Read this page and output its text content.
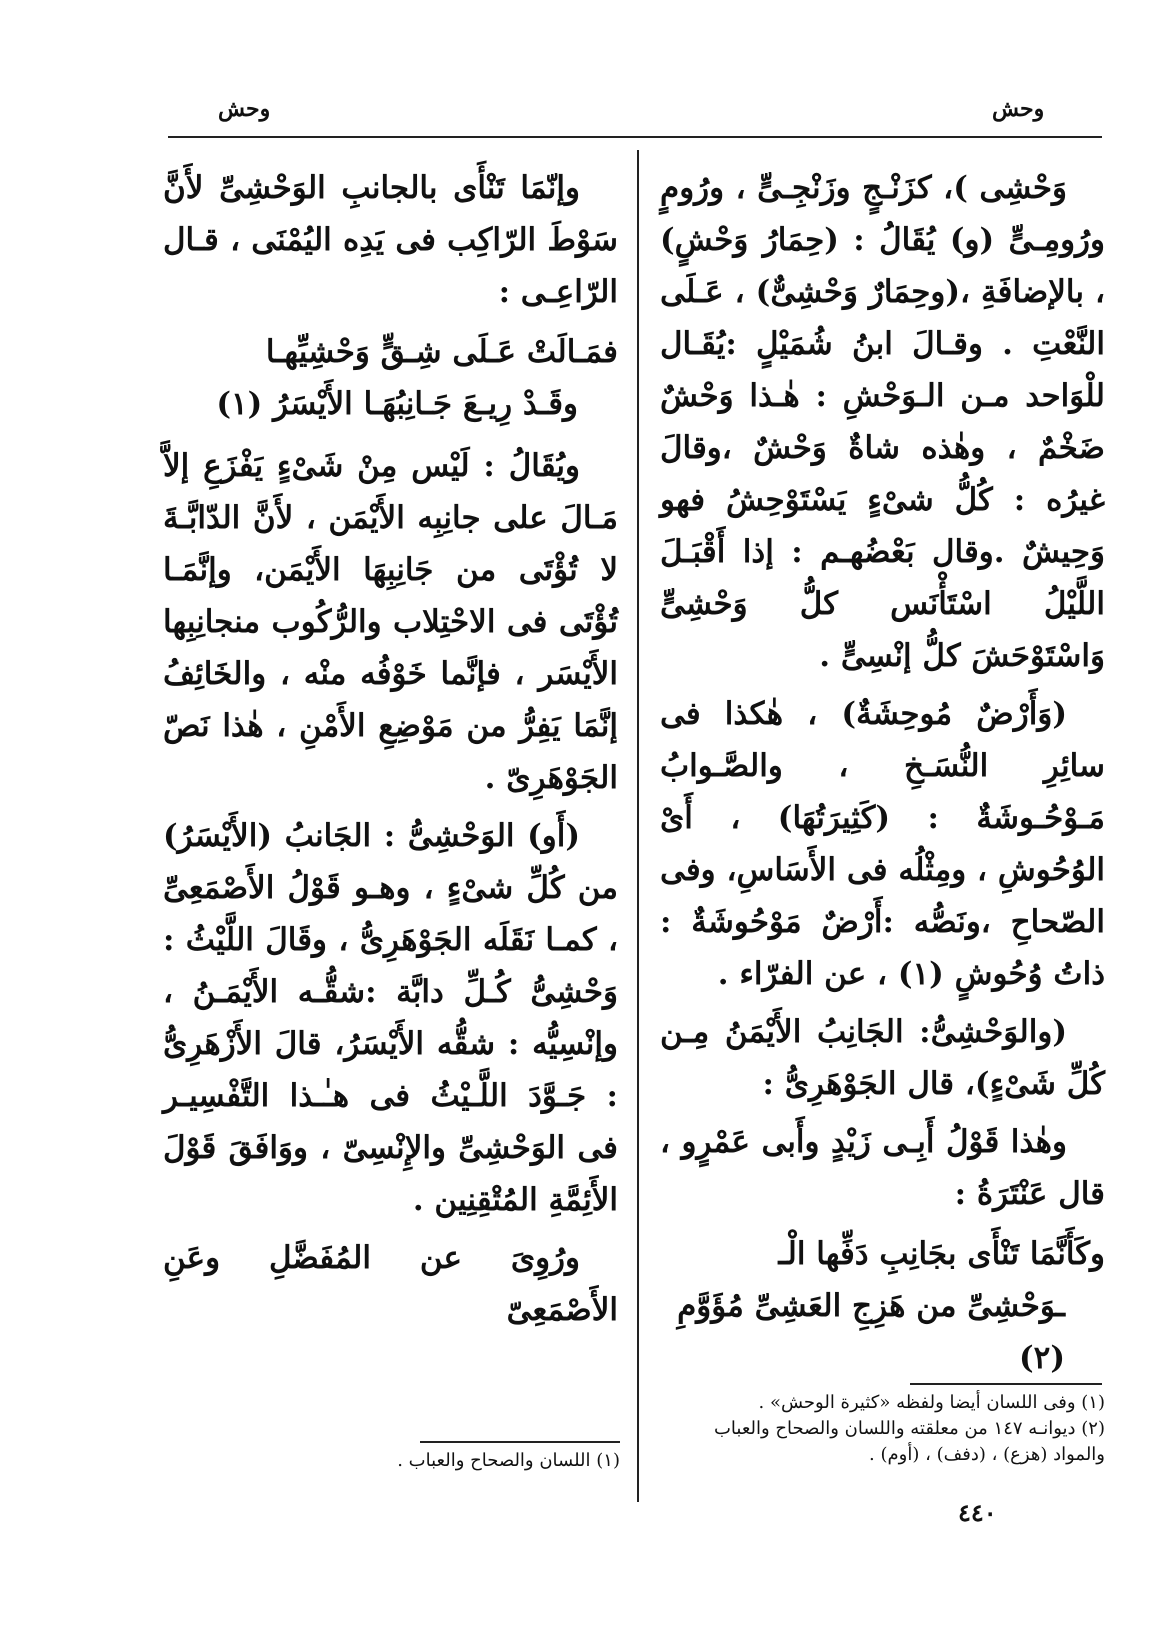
وحش
وحش

وَحْشِى )، كزَنْـجٍ وزَنْجِـىٍّ ، ورُومٍ ورُومِـىٍّ (و) يُقَالُ : (حِمَارُ وَحْشٍ) ، بالإضافَةِ ،(وحِمَارٌ وَحْشِىٌّ) ، عَـلَى النَّعْتِ . وقـالَ ابنُ شُمَيْلٍ :يُقَـال للْوَاحد مـن الـوَحْشِ : هٰـذا وَحْشٌ ضَخْمٌ ، وهٰذه شاةٌ وَحْشٌ ،وقالَ غيرُه : كُلُّ شىْءٍ يَسْتَوْحِشُ فهو وَحِيشٌ .وقال بَعْضُهـم : إذا أَقْبَـلَ اللَّيْلُ اسْتَأْنَس كلُّ وَحْشِىٍّ وَاسْتَوْحَشَ كلُّ إنْسِىٍّ .

(وَأَرْضٌ مُوحِشَةٌ) ، هٰكذا فى سائِرِ النُّسَـخِ ، والصَّـوابُ مَـوْحُـوشَةٌ : (كَثِيرَتُهَا) ، أَىْ الوُحُوشِ ، ومِثْلُه فى الأَسَاسِ، وفى الصّحاحِ ،ونَصُّه :أَرْضٌ مَوْحُوشَةٌ : ذاتُ وُحُوشٍ (١) ، عن الفرّاء .

(والوَحْشِىُّ: الجَانِبُ الأَيْمَنُ مِـن كُلِّ شَىْءٍ)، قال الجَوْهَرِىُّ :

وهٰذا قَوْلُ أَبِـى زَيْدٍ وأَبى عَمْرٍو ، قال عَنْتَرَةُ :

وكَأَنَّمَا تَنْأَى بجَانِبِ دَفِّها الْـ
ـوَحْشِىِّ من هَزِجِ العَشِىِّ مُؤَوَّمِ (٢)
(١) وفى اللسان أيضا ولفظه «كثيرة الوحش» .
(٢) ديوانـه ١٤٧ من معلقته واللسان والصحاح والعباب والمواد (هزع) ، (دفف) ، (أوم) .

وإنّمَا تَنْأَى بالجانبِ الوَحْشِىِّ لأَنَّ سَوْطَ الرّاكِب فى يَدِه اليُمْنَى ، قـال الرّاعِـى :

فمَـالَتْ عَـلَى شِـقٍّ وَحْشِيِّهـا
وقَـدْ رِيـعَ جَـانِبُهَـا الأَيْسَرُ (١)

ويُقَالُ : لَيْس مِنْ شَىْءٍ يَفْزَعِ إلاَّ مَـالَ على جانِبِه الأَيْمَن ، لأَنَّ الدّابَّـةَ لا تُؤْتَى من جَانِبِهَا الأَيْمَن، وإنَّمَـا تُؤْتَى فى الاحْتِلاب والرُّكُوب منجانِبِها الأَيْسَر ، فإنَّما خَوْفُه منْه ، والخَائِفُ إنَّمَا يَفِرُّ من مَوْضِعِ الأَمْنِ ، هٰذا نَصّ الجَوْهَرِىّ .

(أَو) الوَحْشِىُّ : الجَانبُ (الأَيْسَرُ) من كُلِّ شىْءٍ ، وهـو قَوْلُ الأَصْمَعِىِّ ، كمـا نَقَلَه الجَوْهَرِىُّ ، وقَالَ اللَّيْثُ : وَحْشِىُّ كُـلِّ دابَّة :شقُّـه الأَيْمَـنُ ، وإنْسِيُّه : شقُّه الأَيْسَرُ، قالَ الأَزْهَرِىُّ : جَـوَّدَ اللَّـيْثُ فى هـٰـذا التَّفْسِيـر فى الوَحْشِىِّ والإِنْسِىّ ، ووَافَقَ قَوْلَ الأَئِمَّةِ المُتْقِنِين .

ورُوِىَ عن المُفَضَّلِ وعَنِ الأَصْمَعِىّ

(١) اللسان والصحاح والعباب .
٤٤٠
